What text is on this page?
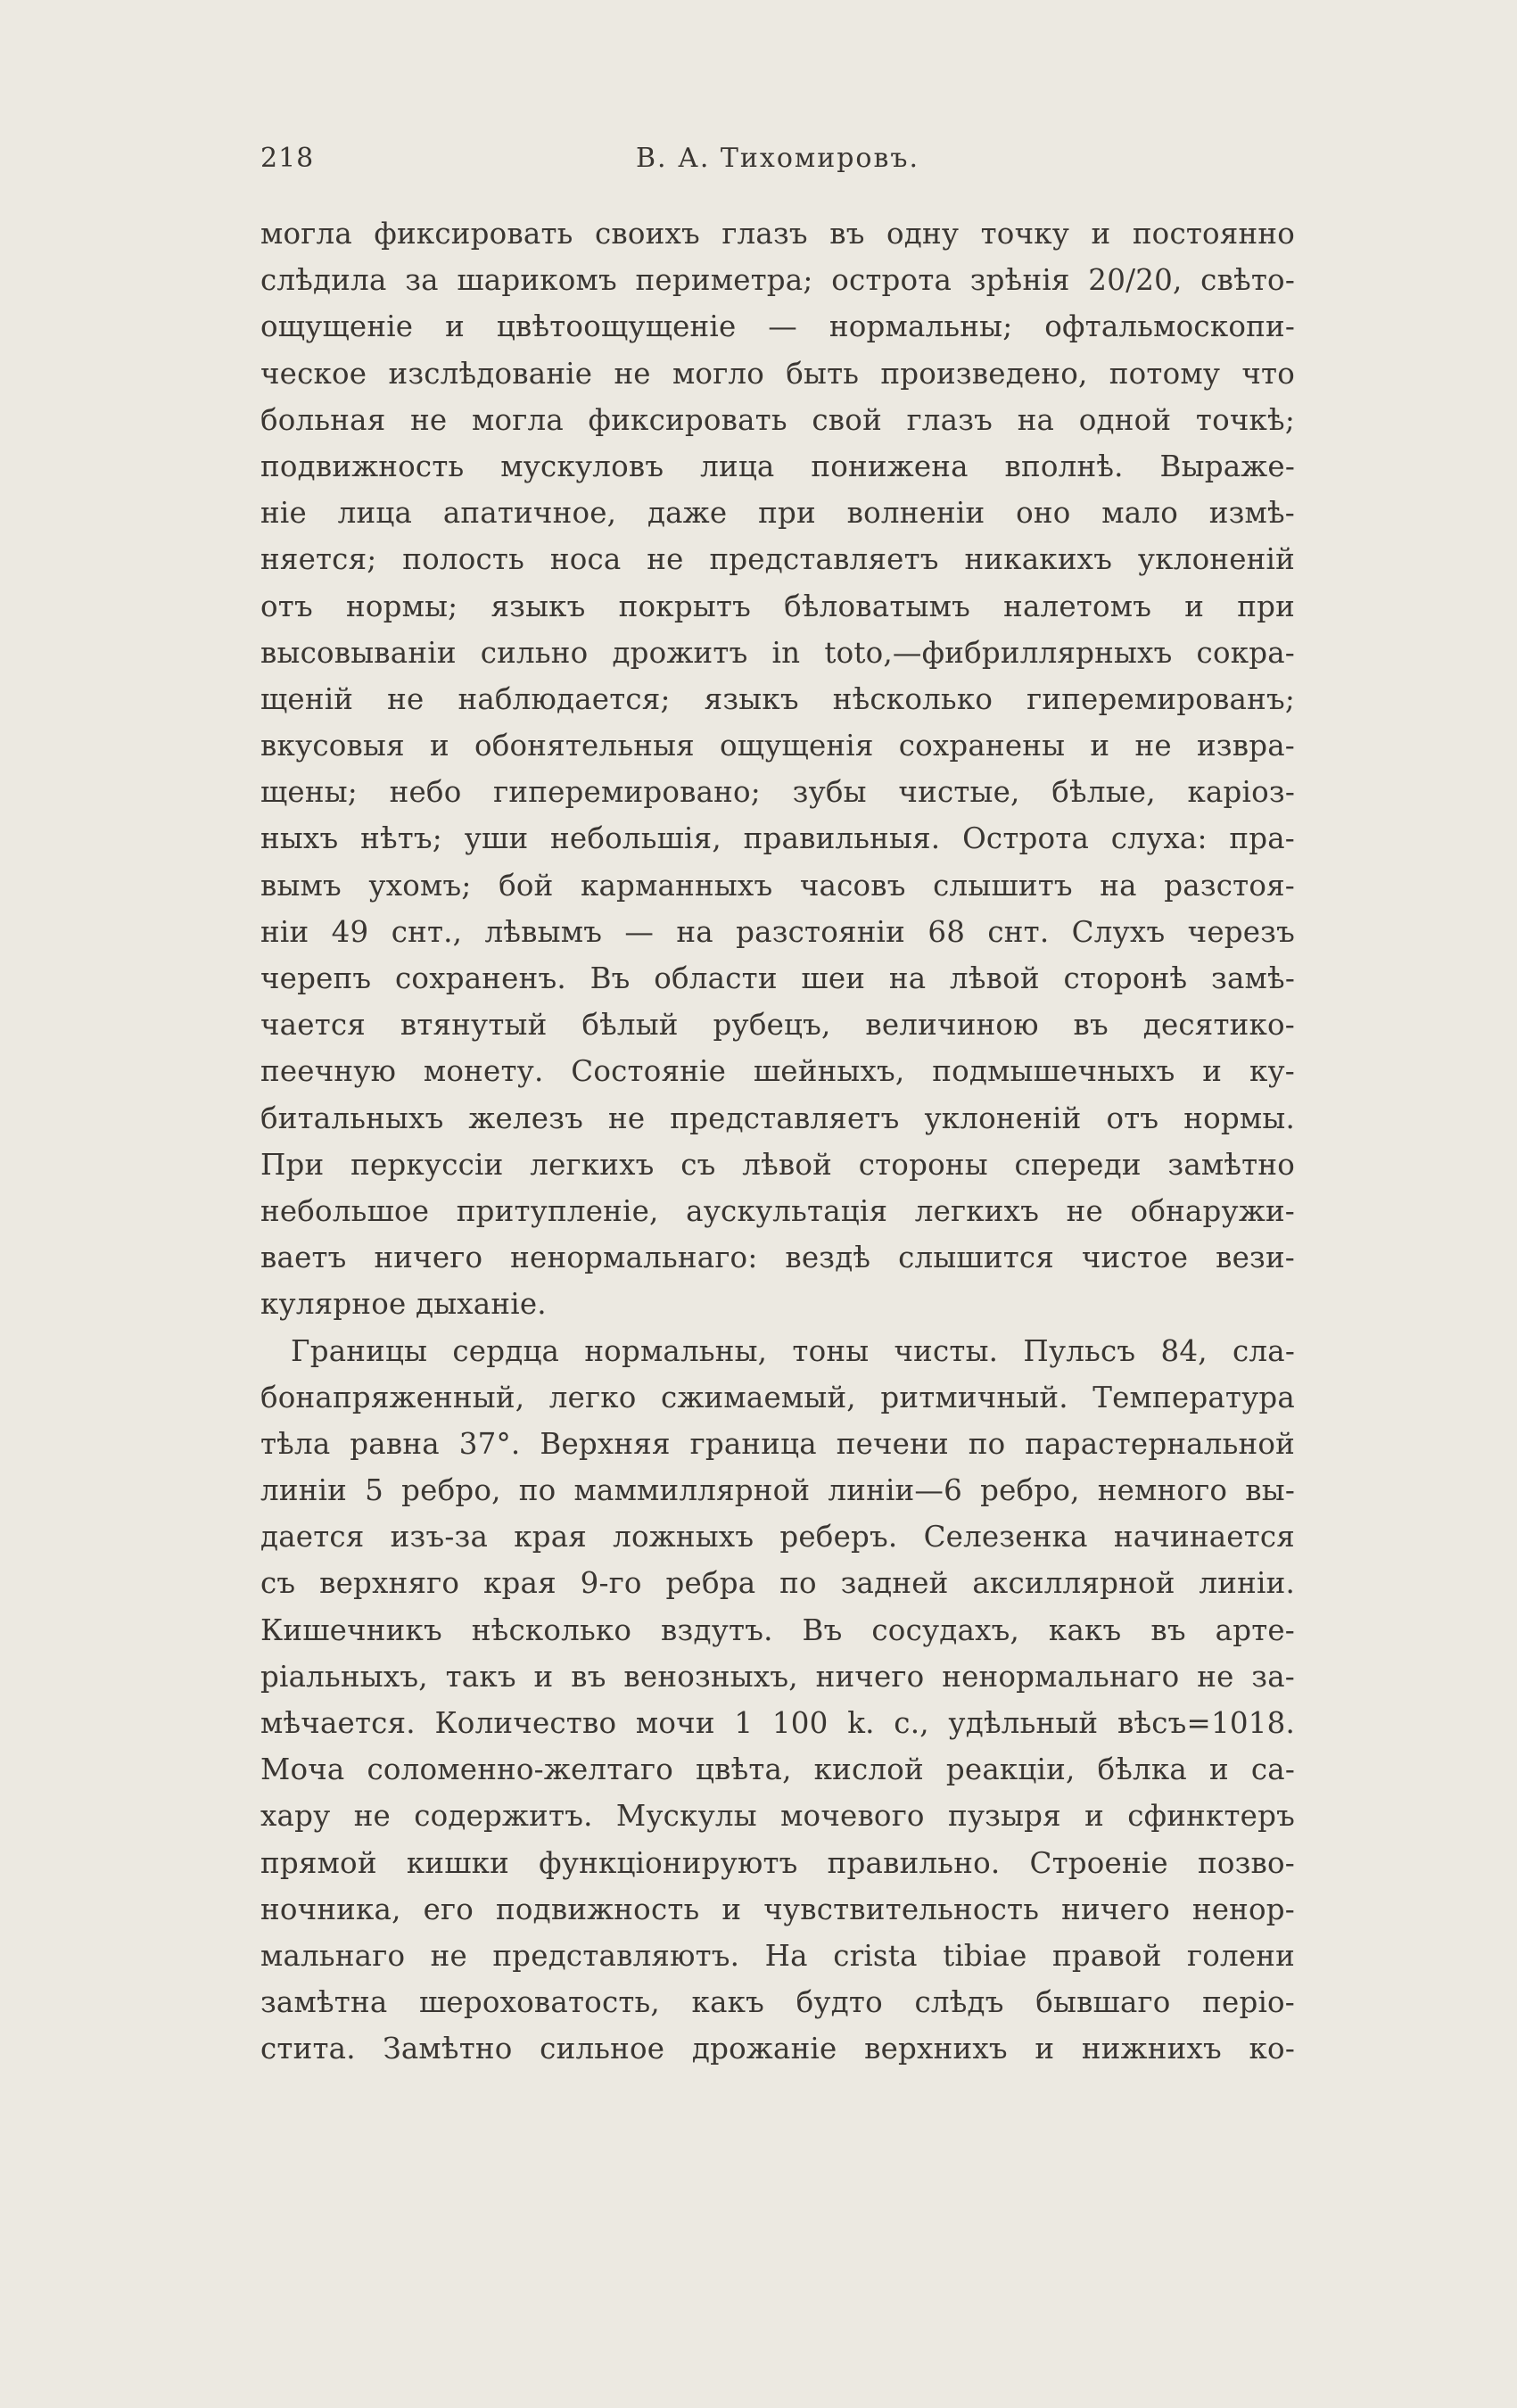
218	В. А. Тихомировъ.
могла фиксировать своихъ глазъ въ одну точку и постоянно
слѣдила за шарикомъ периметра; острота зрѣнія 20/20, свѣто-
ощущеніе и цвѣтоощущеніе — нормальны; офтальмоскопи-
ческое изслѣдованіе не могло быть произведено, потому что
больная не могла фиксировать свой глазъ на одной точкѣ;
подвижность мускуловъ лица понижена вполнѣ. Выраже-
ніе лица апатичное, даже при волненіи оно мало измѣ-
няется; полость носа не представляетъ никакихъ уклоненій
отъ нормы; языкъ покрытъ бѣловатымъ налетомъ и при
высовываніи сильно дрожитъ in toto,—фибриллярныхъ сокра-
щеній не наблюдается; языкъ нѣсколько гиперемированъ;
вкусовыя и обонятельныя ощущенія сохранены и не извра-
щены; небо гиперемировано; зубы чистые, бѣлые, каріоз-
ныхъ нѣтъ; уши небольшія, правильныя. Острота слуха: пра-
вымъ ухомъ; бой карманныхъ часовъ слышитъ на разстоя-
ніи 49 снт., лѣвымъ — на разстояніи 68 снт. Слухъ черезъ
черепъ сохраненъ. Въ области шеи на лѣвой сторонѣ замѣ-
чается втянутый бѣлый рубецъ, величиною въ десятико-
пеечную монету. Состояніе шейныхъ, подмышечныхъ и ку-
битальныхъ железъ не представляетъ уклоненій отъ нормы.
При перкуссіи легкихъ съ лѣвой стороны спереди замѣтно
небольшое притупленіе, аускультація легкихъ не обнаружи-
ваетъ ничего ненормальнаго: вездѣ слышится чистое вези-
кулярное дыханіе.
Границы сердца нормальны, тоны чисты. Пульсъ 84, сла-
бонапряженный, легко сжимаемый, ритмичный. Температура
тѣла равна 37°. Верхняя граница печени по парастернальной
линіи 5 ребро, по маммиллярной линіи—6 ребро, немного вы-
дается изъ-за края ложныхъ реберъ. Селезенка начинается
съ верхняго края 9-го ребра по задней аксиллярной линіи.
Кишечникъ нѣсколько вздутъ. Въ сосудахъ, какъ въ арте-
ріальныхъ, такъ и въ венозныхъ, ничего ненормальнаго не за-
мѣчается. Количество мочи 1 100 k. c., удѣльный вѣсъ=1018.
Моча соломенно-желтаго цвѣта, кислой реакціи, бѣлка и са-
хару не содержитъ. Мускулы мочевого пузыря и сфинктеръ
прямой кишки функціонируютъ правильно. Строеніе позво-
ночника, его подвижность и чувствительность ничего ненор-
мальнаго не представляютъ. На crista tibiae правой голени
замѣтна шероховатость, какъ будто слѣдъ бывшаго періо-
стита. Замѣтно сильное дрожаніе верхнихъ и нижнихъ ко-
